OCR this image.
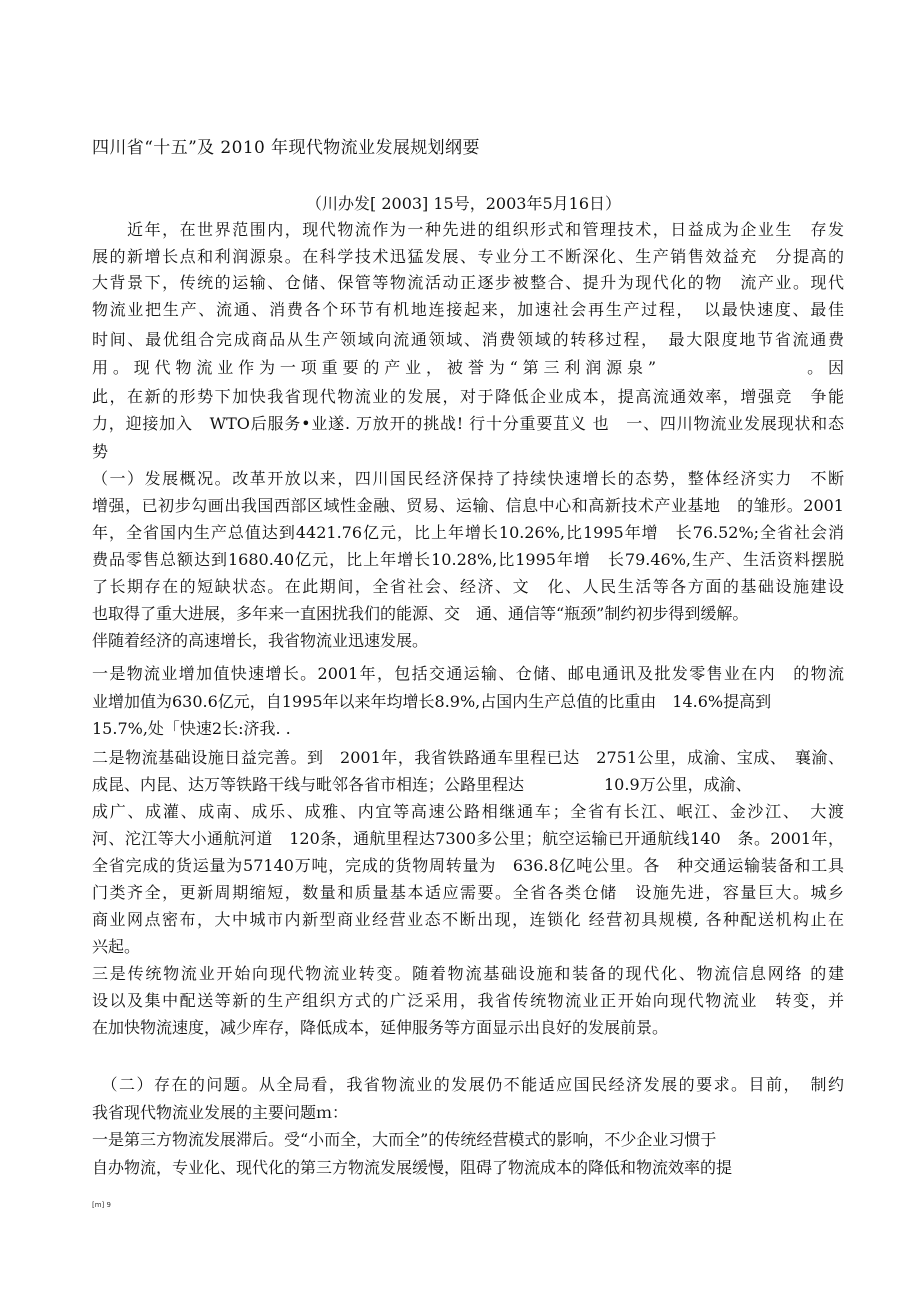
四川省“十五”及 2010 年现代物流业发展规划纲要
（川办发[ 2003] 15号，2003年5月16日）
　　近年，在世界范围内，现代物流作为一种先进的组织形式和管理技术，日益成为企业生　存发
展的新增长点和利润源泉。在科学技术迅猛发展、专业分工不断深化、生产销售效益充　分提高的
大背景下，传统的运输、仓储、保管等物流活动正逐步被整合、提升为现代化的物　流产业。现代
物流业把生产、流通、消费各个环节有机地连接起来，加速社会再生产过程，　以最快速度、最佳
时间、最优组合完成商品从生产领域向流通领域、消费领域的转移过程，　最大限度地节省流通费
用。现代物流业作为一项重要的产业，被誉为“第三利润源泉”　　　　　　　。因
此，在新的形势下加快我省现代物流业的发展，对于降低企业成本，提高流通效率，增强竞　争能
力，迎接加入　WTO后服务•业遂. 万放开的挑战! 行十分重要苴义 也　一、四川物流业发展现状和态
势
（一）发展概况。改革开放以来，四川国民经济保持了持续快速增长的态势，整体经济实力　不断
增强，已初步勾画出我国西部区域性金融、贸易、运输、信息中心和高新技术产业基地　的雏形。2001
年，全省国内生产总值达到4421.76亿元，比上年增长10.26%,比1995年增　长76.52%;全省社会消
费品零售总额达到1680.40亿元，比上年增长10.28%,比1995年增　长79.46%,生产、生活资料摆脱
了长期存在的短缺状态。在此期间，全省社会、经济、文　化、人民生活等各方面的基础设施建设
也取得了重大进展，多年来一直困扰我们的能源、交　通、通信等“瓶颈”制约初步得到缓解。
伴随着经济的高速增长，我省物流业迅速发展。
一是物流业增加值快速增长。2001年，包括交通运输、仓储、邮电通讯及批发零售业在内　的物流
业增加值为630.6亿元，自1995年以来年均增长8.9%,占国内生产总值的比重由　14.6%提高到
15.7%,处「快速2长:济我. .
二是物流基础设施日益完善。到　2001年，我省铁路通车里程已达　2751公里，成渝、宝成、　襄渝、
成昆、内昆、达万等铁路干线与毗邻各省市相连；公路里程达　　　　　10.9万公里，成渝、
成广、成灌、成南、成乐、成雅、内宜等高速公路相继通车；全省有长江、岷江、金沙江、　大渡
河、沱江等大小通航河道　120条，通航里程达7300多公里；航空运输已开通航线140　条。2001年，
全省完成的货运量为57140万吨，完成的货物周转量为　636.8亿吨公里。各　种交通运输装备和工具
门类齐全，更新周期缩短，数量和质量基本适应需要。全省各类仓储　设施先进，容量巨大。城乡
商业网点密布，大中城市内新型商业经营业态不断出现，连锁化 经营初具规模, 各种配送机构止在
兴起。
三是传统物流业开始向现代物流业转变。随着物流基础设施和装备的现代化、物流信息网络 的建
设以及集中配送等新的生产组织方式的广泛采用，我省传统物流业正开始向现代物流业　转变，并
在加快物流速度，减少库存，降低成本，延伸服务等方面显示出良好的发展前景。
　（二）存在的问题。从全局看，我省物流业的发展仍不能适应国民经济发展的要求。目前，　制约
我省现代物流业发展的主要问题ｍ：
一是第三方物流发展滞后。受“小而全，大而全”的传统经营模式的影响，不少企业习惯于
自办物流，专业化、现代化的第三方物流发展缓慢，阻碍了物流成本的降低和物流效率的提
[m] 9
